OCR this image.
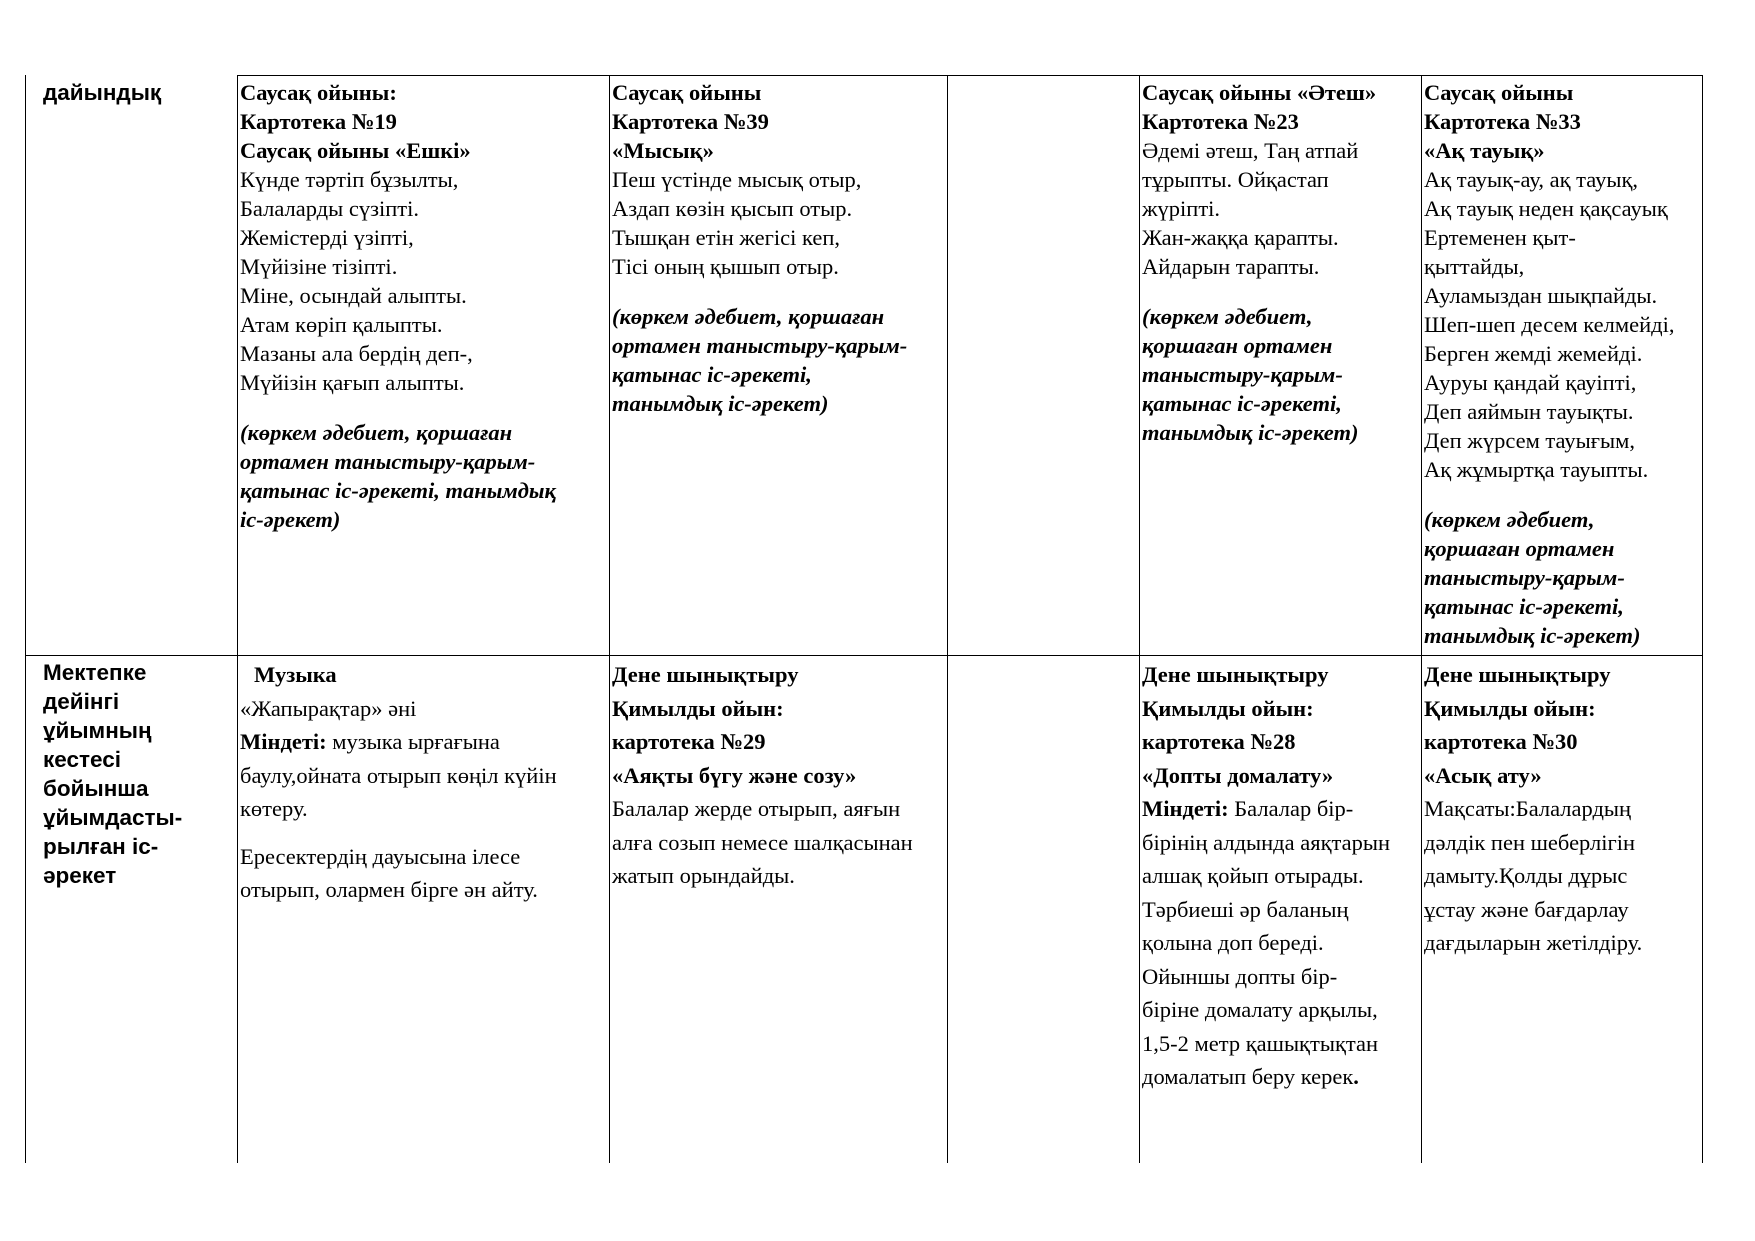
дайындық	Саусақ ойыны:
Картотека №19
Саусақ ойыны «Ешкі»
Күнде тәртіп бұзылты,
Балаларды сүзіпті.
Жемістерді үзіпті,
Мүйізіне тізіпті.
Міне, осындай алыпты.
Атам көріп қалыпты.
Мазаны ала бердің деп-,
Мүйізін қағып алыпты.
(көркем әдебиет, қоршаған
ортамен таныстыру-қарым-
қатынас іс-әрекеті, танымдық
іс-әрекет)
Саусақ ойыны
Картотека №39
«Мысық»
Пеш үстінде мысық отыр,
Аздап көзін қысып отыр.
Тышқан етін жегісі кеп,
Тісі оның қышып отыр.
(көркем әдебиет, қоршаған
ортамен таныстыру-қарым-
қатынас іс-әрекеті,
танымдық іс-әрекет)
Саусақ ойыны «Әтеш»
Картотека №23
Әдемі әтеш, Таң атпай
тұрыпты. Ойқастап
жүріпті.
Жан-жаққа қарапты.
Айдарын тарапты.
(көркем әдебиет,
қоршаған ортамен
таныстыру-қарым-
қатынас іс-әрекеті,
танымдық іс-әрекет)
Саусақ ойыны
Картотека №33
«Ақ тауық»
Ақ тауық-ау, ақ тауық,
Ақ тауық неден қақсауық
Ертеменен қыт-
қыттайды,
Ауламыздан шықпайды.
Шеп-шеп десем келмейді,
Берген жемді жемейді.
Ауруы қандай қауіпті,
Деп аяймын тауықты.
Деп жүрсем тауығым,
Ақ жұмыртқа тауыпты.
(көркем әдебиет,
қоршаған ортамен
таныстыру-қарым-
қатынас іс-әрекеті,
танымдық іс-әрекет)
Мектепке
дейінгі
ұйымның
кестесі
бойынша
ұйымдасты-
рылған іс-
әрекет
Музыка
«Жапырақтар» әні
Міндеті: музыка ырғағына
баулу,ойната отырып көңіл күйін
көтеру.
Ересектердің дауысына ілесе
отырып, олармен бірге ән айту.
Дене шынықтыру
Қимылды ойын:
картотека №29
«Аяқты бүгу және созу»
Балалар жерде отырып, аяғын
алға созып немесе шалқасынан
жатып орындайды.
Дене шынықтыру
Қимылды ойын:
картотека №28
«Допты домалату»
Міндеті: Балалар бір-
бірінің алдында аяқтарын
алшақ қойып отырады.
Тәрбиеші әр баланың
қолына доп береді.
Ойыншы допты бір-
біріне домалату арқылы,
1,5-2 метр қашықтықтан
домалатып беру керек.
Дене шынықтыру
Қимылды ойын:
картотека №30
«Асық ату»
Мақсаты:Балалардың
дәлдік пен шеберлігін
дамыту.Қолды дұрыс
ұстау және бағдарлау
дағдыларын жетілдіру.
